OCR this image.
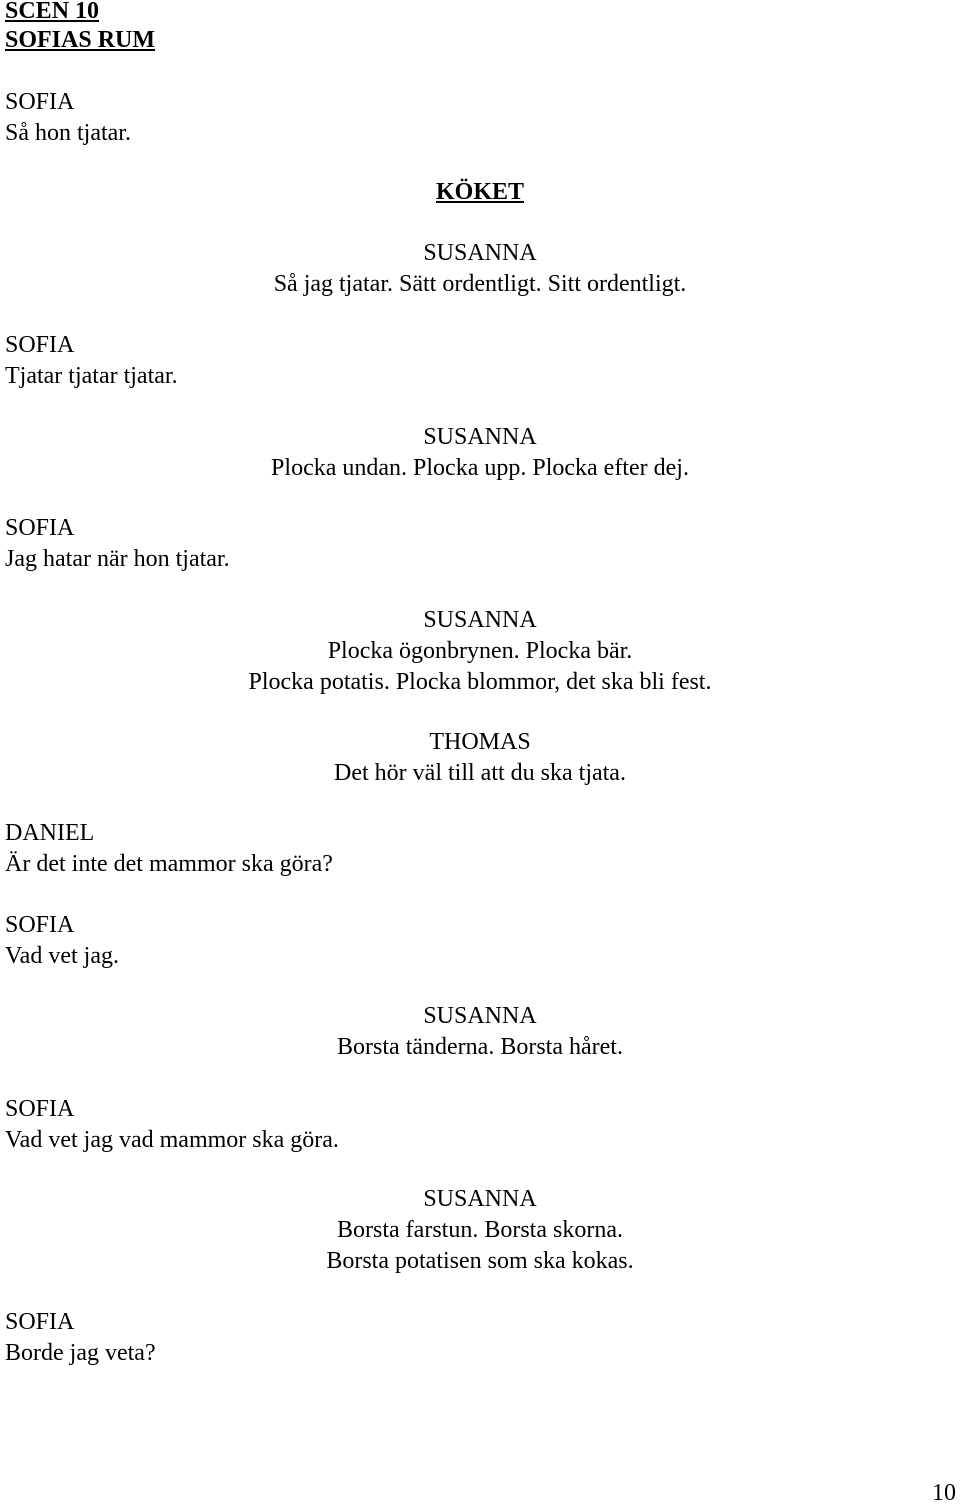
SCEN 10
SOFIAS RUM
SOFIA
Så hon tjatar.
SOFIA
Tjatar tjatar tjatar.
SOFIA
Jag hatar när hon tjatar.
DANIEL
Är det inte det mammor ska göra?
SOFIA
Vad vet jag.
SOFIA
Vad vet jag vad mammor ska göra.
SOFIA
Borde jag veta?
KÖKET
SUSANNA
Så jag tjatar. Sätt ordentligt. Sitt ordentligt.
SUSANNA
Plocka undan. Plocka upp. Plocka efter dej.
SUSANNA
Plocka ögonbrynen. Plocka bär.
Plocka potatis. Plocka blommor, det ska bli fest.
THOMAS
Det hör väl till att du ska tjata.
SUSANNA
Borsta tänderna. Borsta håret.
SUSANNA
Borsta farstun. Borsta skorna.
Borsta potatisen som ska kokas.
10
